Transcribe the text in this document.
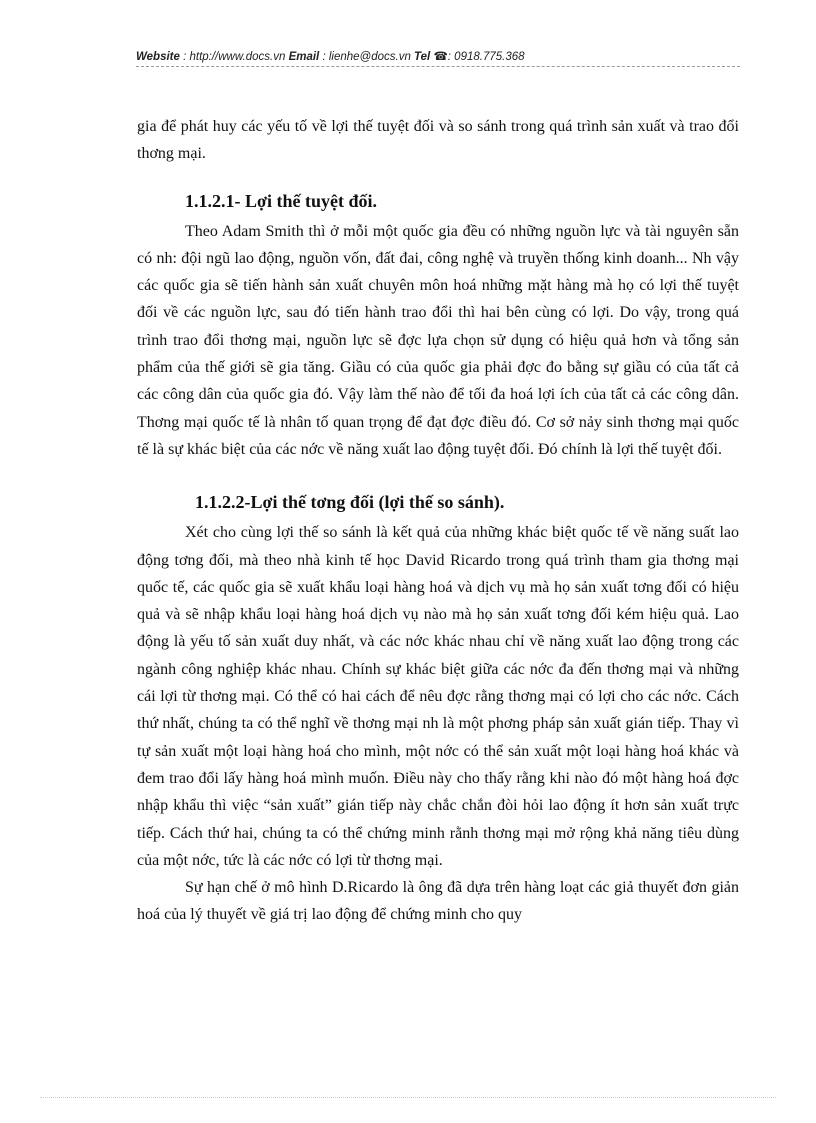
Website : http://www.docs.vn Email : lienhe@docs.vn Tel ☎: 0918.775.368

gia để phát huy các yếu tố về lợi thế tuyệt đối và so sánh trong quá trình sản xuất và trao đổi thơng mại.

1.1.2.1- Lợi thế tuyệt đối.

Theo Adam Smith thì ở mỗi một quốc gia đều có những nguồn lực và tài nguyên sẵn có nh: đội ngũ lao động, nguồn vốn, đất đai, công nghệ và truyền thống kinh doanh... Nh vậy các quốc gia sẽ tiến hành sản xuất chuyên môn hoá những mặt hàng mà họ có lợi thế tuyệt đối về các nguồn lực, sau đó tiến hành trao đổi thì hai bên cùng có lợi. Do vậy, trong quá trình trao đổi thơng mại, nguồn lực sẽ đợc lựa chọn sử dụng có hiệu quả hơn và tổng sản phẩm của thế giới sẽ gia tăng. Giầu có của quốc gia phải đợc đo bằng sự giầu có của tất cả các công dân của quốc gia đó. Vậy làm thế nào để tối đa hoá lợi ích của tất cả các công dân. Thơng mại quốc tế là nhân tố quan trọng để đạt đợc điều đó. Cơ sở nảy sinh thơng mại quốc tế là sự khác biệt của các nớc về năng xuất lao động tuyệt đối. Đó chính là lợi thế tuyệt đối.

1.1.2.2-Lợi thế tơng đối (lợi thế so sánh).

Xét cho cùng lợi thế so sánh là kết quả của những khác biệt quốc tế về năng suất lao động tơng đối, mà theo nhà kinh tế học David Ricardo trong quá trình tham gia thơng mại quốc tế, các quốc gia sẽ xuất khẩu loại hàng hoá và dịch vụ mà họ sản xuất tơng đối có hiệu quả và sẽ nhập khẩu loại hàng hoá dịch vụ nào mà họ sản xuất tơng đối kém hiệu quả. Lao động là yếu tố sản xuất duy nhất, và các nớc khác nhau chỉ về năng xuất lao động trong các ngành công nghiệp khác nhau. Chính sự khác biệt giữa các nớc đa đến thơng mại và những cái lợi từ thơng mại. Có thể có hai cách để nêu đợc rằng thơng mại có lợi cho các nớc. Cách thứ nhất, chúng ta có thể nghĩ về thơng mại nh là một phơng pháp sản xuất gián tiếp. Thay vì tự sản xuất một loại hàng hoá cho mình, một nớc có thể sản xuất một loại hàng hoá khác và đem trao đổi lấy hàng hoá mình muốn. Điều này cho thấy rằng khi nào đó một hàng hoá đợc nhập khẩu thì việc “sản xuất” gián tiếp này chắc chắn đòi hỏi lao động ít hơn sản xuất trực tiếp. Cách thứ hai, chúng ta có thể chứng minh rằnh thơng mại mở rộng khả năng tiêu dùng của một nớc, tức là các nớc có lợi từ thơng mại.

Sự hạn chế ở mô hình D.Ricardo là ông đã dựa trên hàng loạt các giả thuyết đơn giản hoá của lý thuyết về giá trị lao động để chứng minh cho quy
